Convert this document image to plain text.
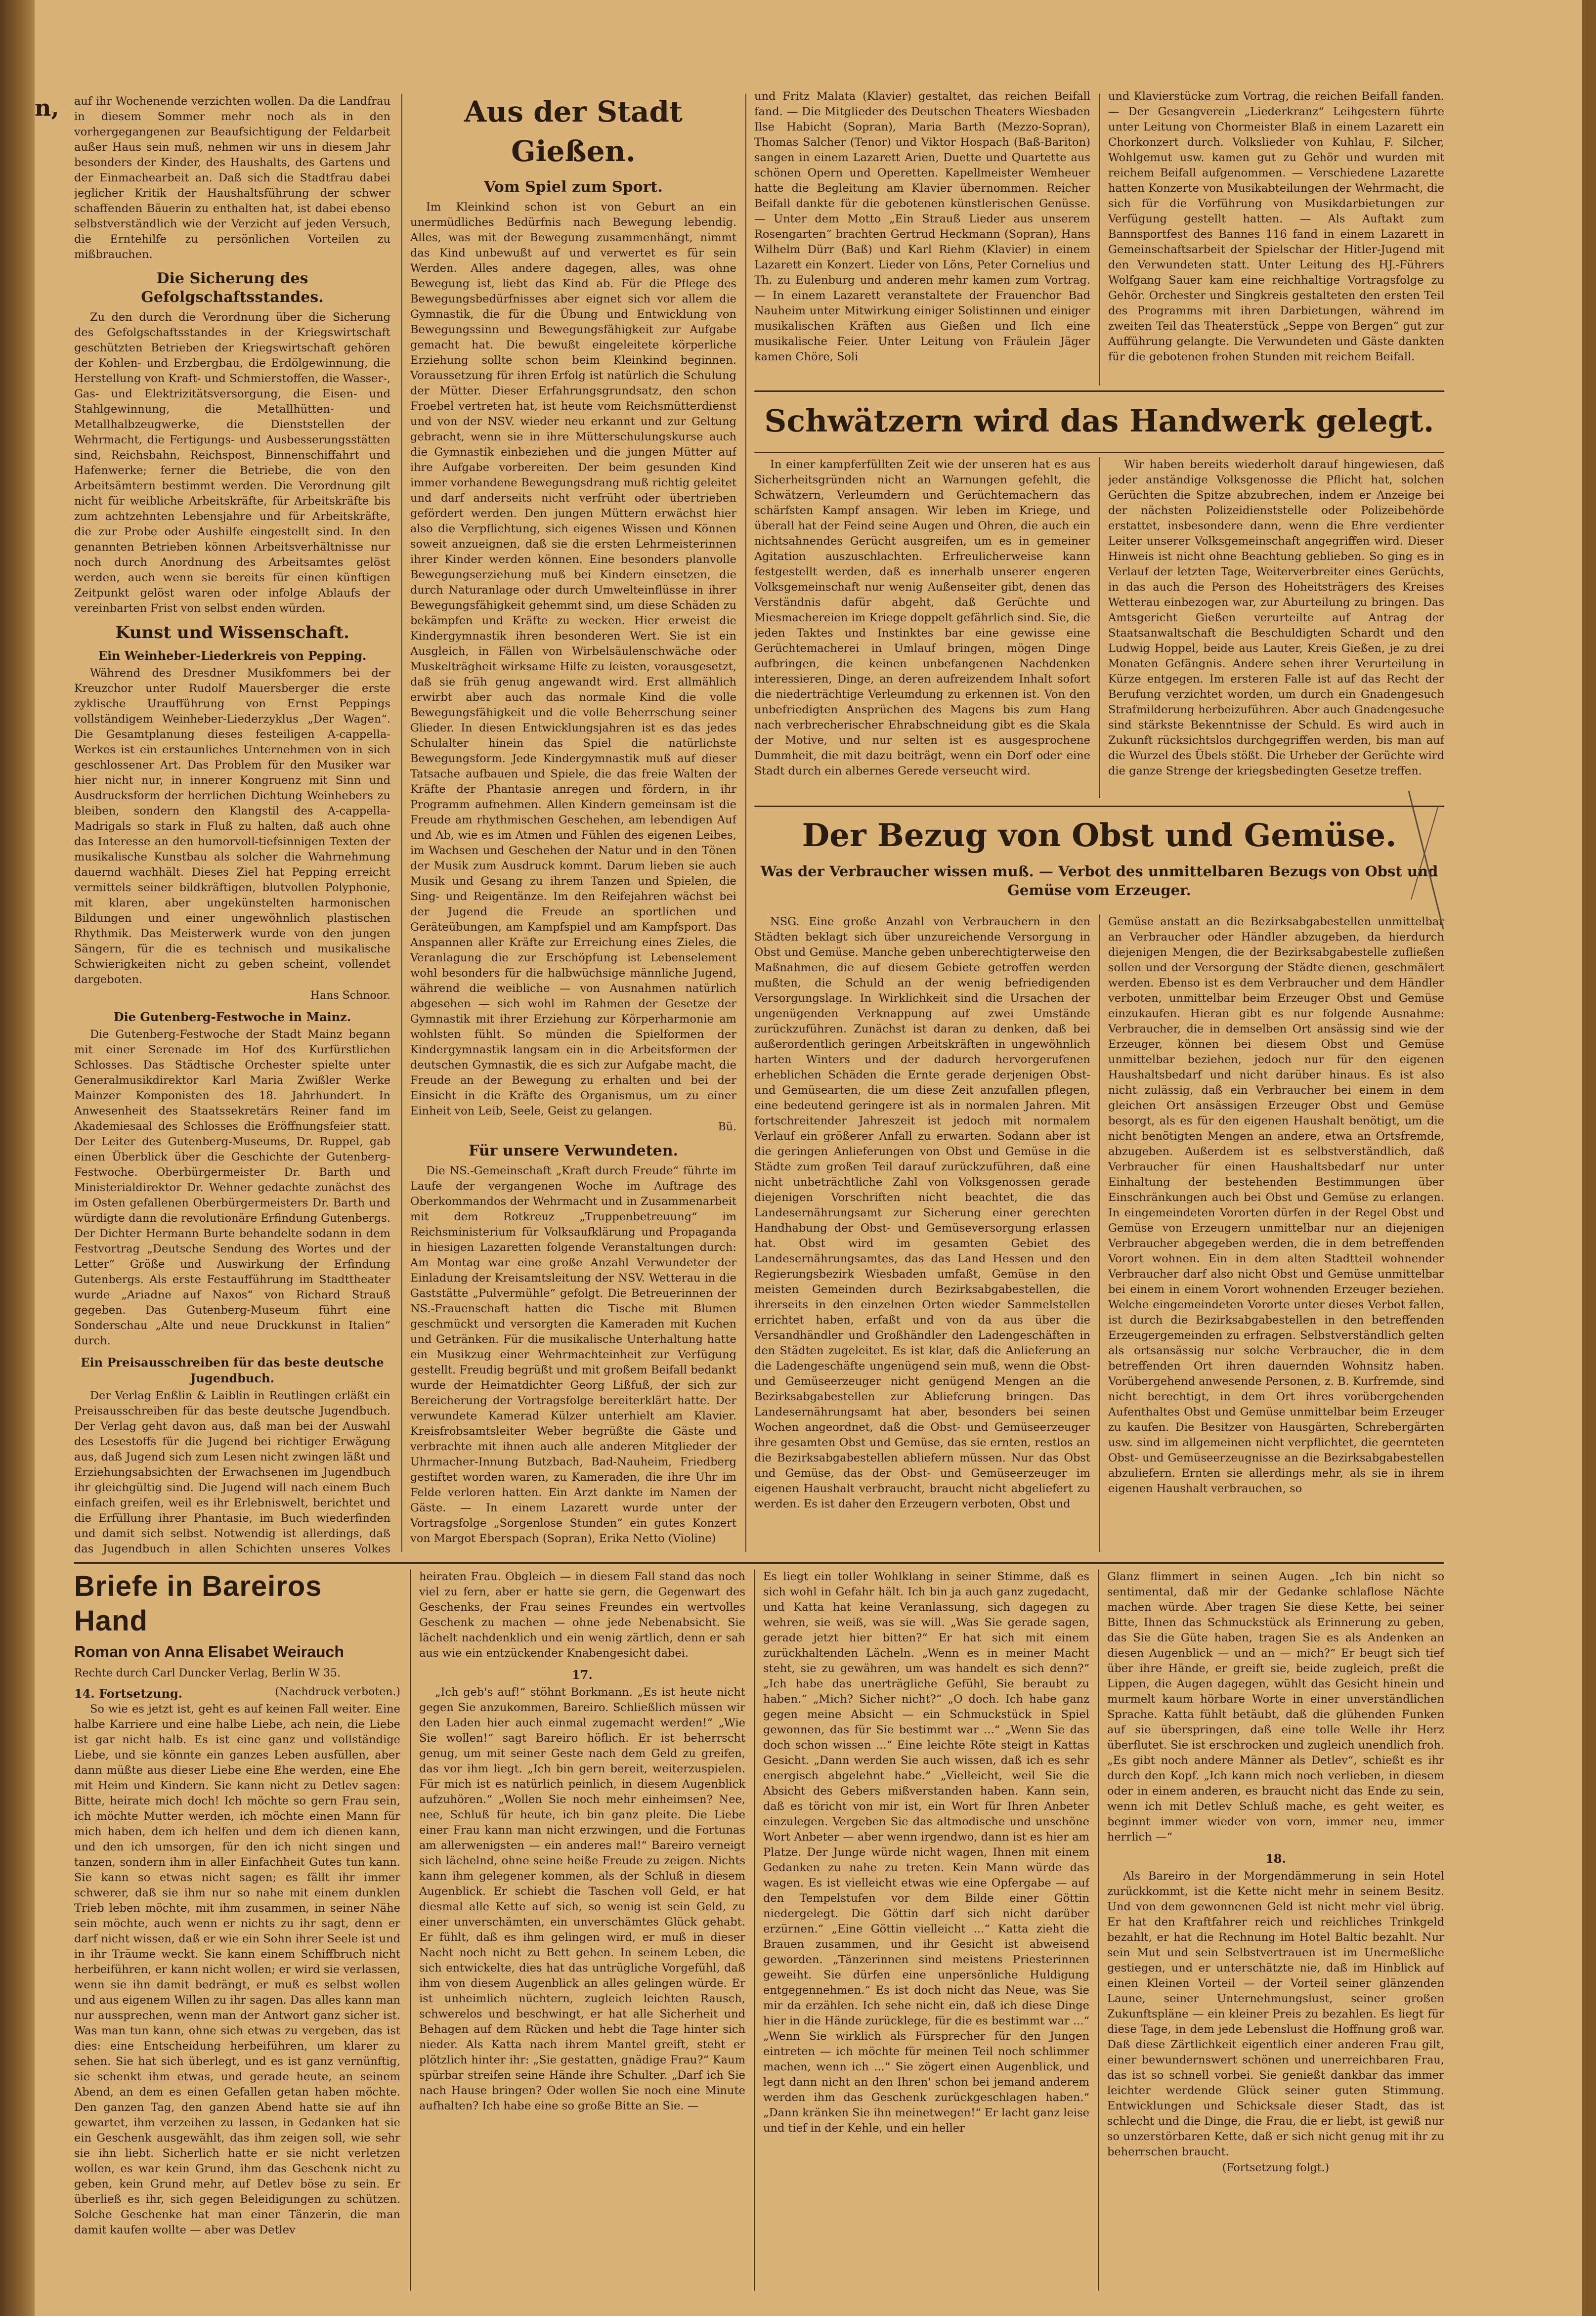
n,	auf ihr Wochenende verzichten wollen. Da die Landfrau in diesem Sommer mehr noch als in den vorhergegangenen zur Beaufsichtigung der Feldarbeit außer Haus sein muß, nehmen wir uns in diesem Jahr besonders der Kinder, des Haushalts, des Gartens und der Einmachearbeit an. Daß sich die Stadtfrau dabei jeglicher Kritik der Haushaltsführung der schwer schaffenden Bäuerin zu enthalten hat, ist dabei ebenso selbstverständlich wie der Verzicht auf jeden Versuch, die Erntehilfe zu persönlichen Vorteilen zu mißbrauchen.

Die Sicherung des Gefolgschaftsstandes.

Zu den durch die Verordnung über die Sicherung des Gefolgschaftsstandes in der Kriegswirtschaft geschützten Betrieben der Kriegswirtschaft gehören der Kohlen- und Erzbergbau, die Erdölgewinnung, die Herstellung von Kraft- und Schmierstoffen, die Wasser-, Gas- und Elektrizitätsversorgung, die Eisen- und Stahlgewinnung, die Metallhütten- und Metallhalbzeugwerke, die Dienststellen der Wehrmacht, die Fertigungs- und Ausbesserungsstätten sind, Reichsbahn, Reichspost, Binnenschiffahrt und Hafenwerke; ferner die Betriebe, die von den Arbeitsämtern bestimmt werden. Die Verordnung gilt nicht für weibliche Arbeitskräfte, für Arbeitskräfte bis zum achtzehnten Lebensjahre und für Arbeitskräfte, die zur Probe oder Aushilfe eingestellt sind. In den genannten Betrieben können Arbeitsverhältnisse nur noch durch Anordnung des Arbeitsamtes gelöst werden, auch wenn sie bereits für einen künftigen Zeitpunkt gelöst waren oder infolge Ablaufs der vereinbarten Frist von selbst enden würden.

Kunst und Wissenschaft.
Ein Weinheber-Liederkreis von Pepping.

Während des Dresdner Musikfommers bei der Kreuzchor unter Rudolf Mauersberger die erste zyklische Uraufführung von Ernst Peppings vollständigem Weinheber-Liederzyklus „Der Wagen“. Die Gesamtplanung dieses festeiligen A-cappella-Werkes ist ein erstaunliches Unternehmen von in sich geschlossener Art. Das Problem für den Musiker war hier nicht nur, in innerer Kongruenz mit Sinn und Ausdrucksform der herrlichen Dichtung Weinhebers zu bleiben, sondern den Klangstil des A-cappella-Madrigals so stark in Fluß zu halten, daß auch ohne das Interesse an den humorvoll-tiefsinnigen Texten der musikalische Kunstbau als solcher die Wahrnehmung dauernd wachhält. Dieses Ziel hat Pepping erreicht vermittels seiner bildkräftigen, blutvollen Polyphonie, mit klaren, aber ungekünstelten harmonischen Bildungen und einer ungewöhnlich plastischen Rhythmik. Das Meisterwerk wurde von den jungen Sängern, für die es technisch und musikalische Schwierigkeiten nicht zu geben scheint, vollendet dargeboten.

Hans Schnoor.
Die Gutenberg-Festwoche in Mainz.

Die Gutenberg-Festwoche der Stadt Mainz begann mit einer Serenade im Hof des Kurfürstlichen Schlosses. Das Städtische Orchester spielte unter Generalmusikdirektor Karl Maria Zwißler Werke Mainzer Komponisten des 18. Jahrhundert. In Anwesenheit des Staatssekretärs Reiner fand im Akademiesaal des Schlosses die Eröffnungsfeier statt. Der Leiter des Gutenberg-Museums, Dr. Ruppel, gab einen Überblick über die Geschichte der Gutenberg-Festwoche. Oberbürgermeister Dr. Barth und Ministerialdirektor Dr. Wehner gedachte zunächst des im Osten gefallenen Oberbürgermeisters Dr. Barth und würdigte dann die revolutionäre Erfindung Gutenbergs. Der Dichter Hermann Burte behandelte sodann in dem Festvortrag „Deutsche Sendung des Wortes und der Letter“ Größe und Auswirkung der Erfindung Gutenbergs. Als erste Festaufführung im Stadttheater wurde „Ariadne auf Naxos“ von Richard Strauß gegeben. Das Gutenberg-Museum führt eine Sonderschau „Alte und neue Druckkunst in Italien“ durch.

Ein Preisausschreiben für das beste deutsche Jugendbuch.

Der Verlag Enßlin & Laiblin in Reutlingen erläßt ein Preisausschreiben für das beste deutsche Jugendbuch. Der Verlag geht davon aus, daß man bei der Auswahl des Lesestoffs für die Jugend bei richtiger Erwägung aus, daß Jugend sich zum Lesen nicht zwingen läßt und Erziehungsabsichten der Erwachsenen im Jugendbuch ihr gleichgültig sind. Die Jugend will nach einem Buch einfach greifen, weil es ihr Erlebniswelt, berichtet und die Erfüllung ihrer Phantasie, im Buch wiederfinden und damit sich selbst. Notwendig ist allerdings, daß das Jugendbuch in allen Schichten unseres Volkes

Aus der Stadt Gießen.
Vom Spiel zum Sport.

Im Kleinkind schon ist von Geburt an ein unermüdliches Bedürfnis nach Bewegung lebendig. Alles, was mit der Bewegung zusammenhängt, nimmt das Kind unbewußt auf und verwertet es für sein Werden. Alles andere dagegen, alles, was ohne Bewegung ist, liebt das Kind ab. Für die Pflege des Bewegungsbedürfnisses aber eignet sich vor allem die Gymnastik, die für die Übung und Entwicklung von Bewegungssinn und Bewegungsfähigkeit zur Aufgabe gemacht hat. Die bewußt eingeleitete körperliche Erziehung sollte schon beim Kleinkind beginnen. Voraussetzung für ihren Erfolg ist natürlich die Schulung der Mütter. Dieser Erfahrungsgrundsatz, den schon Froebel vertreten hat, ist heute vom Reichsmütterdienst und von der NSV. wieder neu erkannt und zur Geltung gebracht, wenn sie in ihre Mütterschulungskurse auch die Gymnastik einbeziehen und die jungen Mütter auf ihre Aufgabe vorbereiten. Der beim gesunden Kind immer vorhandene Bewegungsdrang muß richtig geleitet und darf anderseits nicht verfrüht oder übertrieben gefördert werden. Den jungen Müttern erwächst hier also die Verpflichtung, sich eigenes Wissen und Können soweit anzueignen, daß sie die ersten Lehrmeisterinnen ihrer Kinder werden können. Eine besonders planvolle Bewegungserziehung muß bei Kindern einsetzen, die durch Naturanlage oder durch Umwelteinflüsse in ihrer Bewegungsfähigkeit gehemmt sind, um diese Schäden zu bekämpfen und Kräfte zu wecken. Hier erweist die Kindergymnastik ihren besonderen Wert. Sie ist ein Ausgleich, in Fällen von Wirbelsäulenschwäche oder Muskelträgheit wirksame Hilfe zu leisten, vorausgesetzt, daß sie früh genug angewandt wird. Erst allmählich erwirbt aber auch das normale Kind die volle Bewegungsfähigkeit und die volle Beherrschung seiner Glieder. In diesen Entwicklungsjahren ist es das jedes Schulalter hinein das Spiel die natürlichste Bewegungsform. Jede Kindergymnastik muß auf dieser Tatsache aufbauen und Spiele, die das freie Walten der Kräfte der Phantasie anregen und fördern, in ihr Programm aufnehmen. Allen Kindern gemeinsam ist die Freude am rhythmischen Geschehen, am lebendigen Auf und Ab, wie es im Atmen und Fühlen des eigenen Leibes, im Wachsen und Geschehen der Natur und in den Tönen der Musik zum Ausdruck kommt. Darum lieben sie auch Musik und Gesang zu ihrem Tanzen und Spielen, die Sing- und Reigentänze. Im den Reifejahren wächst bei der Jugend die Freude an sportlichen und Geräteübungen, am Kampfspiel und am Kampfsport. Das Anspannen aller Kräfte zur Erreichung eines Zieles, die Veranlagung die zur Erschöpfung ist Lebenselement wohl besonders für die halbwüchsige männliche Jugend, während die weibliche — von Ausnahmen natürlich abgesehen — sich wohl im Rahmen der Gesetze der Gymnastik mit ihrer Erziehung zur Körperharmonie am wohlsten fühlt. So münden die Spielformen der Kindergymnastik langsam ein in die Arbeitsformen der deutschen Gymnastik, die es sich zur Aufgabe macht, die Freude an der Bewegung zu erhalten und bei der Einsicht in die Kräfte des Organismus, um zu einer Einheit von Leib, Seele, Geist zu gelangen.

Bü.
Für unsere Verwundeten.

Die NS.-Gemeinschaft „Kraft durch Freude“ führte im Laufe der vergangenen Woche im Auftrage des Oberkommandos der Wehrmacht und in Zusammenarbeit mit dem Rotkreuz „Truppenbetreuung“ im Reichsministerium für Volksaufklärung und Propaganda in hiesigen Lazaretten folgende Veranstaltungen durch: Am Montag war eine große Anzahl Verwundeter der Einladung der Kreisamtsleitung der NSV. Wetterau in die Gaststätte „Pulvermühle“ gefolgt. Die Betreuerinnen der NS.-Frauenschaft hatten die Tische mit Blumen geschmückt und versorgten die Kameraden mit Kuchen und Getränken. Für die musikalische Unterhaltung hatte ein Musikzug einer Wehrmachteinheit zur Verfügung gestellt. Freudig begrüßt und mit großem Beifall bedankt wurde der Heimatdichter Georg Lißfuß, der sich zur Bereicherung der Vortragsfolge bereiterklärt hatte. Der verwundete Kamerad Külzer unterhielt am Klavier. Kreisfrobsamtsleiter Weber begrüßte die Gäste und verbrachte mit ihnen auch alle anderen Mitglieder der Uhrmacher-Innung Butzbach, Bad-Nauheim, Friedberg gestiftet worden waren, zu Kameraden, die ihre Uhr im Felde verloren hatten. Ein Arzt dankte im Namen der Gäste. — In einem Lazarett wurde unter der Vortragsfolge „Sorgenlose Stunden“ ein gutes Konzert von Margot Eberspach (Sopran), Erika Netto (Violine)

und Fritz Malata (Klavier) gestaltet, das reichen Beifall fand. — Die Mitglieder des Deutschen Theaters Wiesbaden Ilse Habicht (Sopran), Maria Barth (Mezzo-Sopran), Thomas Salcher (Tenor) und Viktor Hospach (Baß-Bariton) sangen in einem Lazarett Arien, Duette und Quartette aus schönen Opern und Operetten. Kapellmeister Wemheuer hatte die Begleitung am Klavier übernommen. Reicher Beifall dankte für die gebotenen künstlerischen Genüsse. — Unter dem Motto „Ein Strauß Lieder aus unserem Rosengarten“ brachten Gertrud Heckmann (Sopran), Hans Wilhelm Dürr (Baß) und Karl Riehm (Klavier) in einem Lazarett ein Konzert. Lieder von Löns, Peter Cornelius und Th. zu Eulenburg und anderen mehr kamen zum Vortrag. — In einem Lazarett veranstaltete der Frauenchor Bad Nauheim unter Mitwirkung einiger Solistinnen und einiger musikalischen Kräften aus Gießen und Ilch eine musikalische Feier. Unter Leitung von Fräulein Jäger kamen Chöre, Soli

und Klavierstücke zum Vortrag, die reichen Beifall fanden. — Der Gesangverein „Liederkranz“ Leihgestern führte unter Leitung von Chormeister Blaß in einem Lazarett ein Chorkonzert durch. Volkslieder von Kuhlau, F. Silcher, Wohlgemut usw. kamen gut zu Gehör und wurden mit reichem Beifall aufgenommen. — Verschiedene Lazarette hatten Konzerte von Musikabteilungen der Wehrmacht, die sich für die Vorführung von Musikdarbietungen zur Verfügung gestellt hatten. — Als Auftakt zum Bannsportfest des Bannes 116 fand in einem Lazarett in Gemeinschaftsarbeit der Spielschar der Hitler-Jugend mit den Verwundeten statt. Unter Leitung des HJ.-Führers Wolfgang Sauer kam eine reichhaltige Vortragsfolge zu Gehör. Orchester und Singkreis gestalteten den ersten Teil des Programms mit ihren Darbietungen, während im zweiten Teil das Theaterstück „Seppe von Bergen“ gut zur Aufführung gelangte. Die Verwundeten und Gäste dankten für die gebotenen frohen Stunden mit reichem Beifall.

Schwätzern wird das Handwerk gelegt.

In einer kampferfüllten Zeit wie der unseren hat es aus Sicherheitsgründen nicht an Warnungen gefehlt, die Schwätzern, Verleumdern und Gerüchtemachern das schärfsten Kampf ansagen. Wir leben im Kriege, und überall hat der Feind seine Augen und Ohren, die auch ein nichtsahnendes Gerücht ausgreifen, um es in gemeiner Agitation auszuschlachten. Erfreulicherweise kann festgestellt werden, daß es innerhalb unserer engeren Volksgemeinschaft nur wenig Außenseiter gibt, denen das Verständnis dafür abgeht, daß Gerüchte und Miesmachereien im Kriege doppelt gefährlich sind. Sie, die jeden Taktes und Instinktes bar eine gewisse eine Gerüchtemacherei in Umlauf bringen, mögen Dinge aufbringen, die keinen unbefangenen Nachdenken interessieren, Dinge, an deren aufreizendem Inhalt sofort die niederträchtige Verleumdung zu erkennen ist. Von den unbefriedigten Ansprüchen des Magens bis zum Hang nach verbrecherischer Ehrabschneidung gibt es die Skala der Motive, und nur selten ist es ausgesprochene Dummheit, die mit dazu beiträgt, wenn ein Dorf oder eine Stadt durch ein albernes Gerede verseucht wird.

Wir haben bereits wiederholt darauf hingewiesen, daß jeder anständige Volksgenosse die Pflicht hat, solchen Gerüchten die Spitze abzubrechen, indem er Anzeige bei der nächsten Polizeidienststelle oder Polizeibehörde erstattet, insbesondere dann, wenn die Ehre verdienter Leiter unserer Volksgemeinschaft angegriffen wird. Dieser Hinweis ist nicht ohne Beachtung geblieben. So ging es in Verlauf der letzten Tage, Weiterverbreiter eines Gerüchts, in das auch die Person des Hoheitsträgers des Kreises Wetterau einbezogen war, zur Aburteilung zu bringen. Das Amtsgericht Gießen verurteilte auf Antrag der Staatsanwaltschaft die Beschuldigten Schardt und den Ludwig Hoppel, beide aus Lauter, Kreis Gießen, je zu drei Monaten Gefängnis. Andere sehen ihrer Verurteilung in Kürze entgegen. Im ersteren Falle ist auf das Recht der Berufung verzichtet worden, um durch ein Gnadengesuch Strafmilderung herbeizuführen. Aber auch Gnadengesuche sind stärkste Bekenntnisse der Schuld. Es wird auch in Zukunft rücksichtslos durchgegriffen werden, bis man auf die Wurzel des Übels stößt. Die Urheber der Gerüchte wird die ganze Strenge der kriegsbedingten Gesetze treffen.

Der Bezug von Obst und Gemüse.
Was der Verbraucher wissen muß. — Verbot des unmittelbaren Bezugs von Obst und Gemüse vom Erzeuger.

NSG. Eine große Anzahl von Verbrauchern in den Städten beklagt sich über unzureichende Versorgung in Obst und Gemüse. Manche geben unberechtigterweise den Maßnahmen, die auf diesem Gebiete getroffen werden mußten, die Schuld an der wenig befriedigenden Versorgungslage. In Wirklichkeit sind die Ursachen der ungenügenden Verknappung auf zwei Umstände zurückzuführen. Zunächst ist daran zu denken, daß bei außerordentlich geringen Arbeitskräften in ungewöhnlich harten Winters und der dadurch hervorgerufenen erheblichen Schäden die Ernte gerade derjenigen Obst- und Gemüsearten, die um diese Zeit anzufallen pflegen, eine bedeutend geringere ist als in normalen Jahren. Mit fortschreitender Jahreszeit ist jedoch mit normalem Verlauf ein größerer Anfall zu erwarten. Sodann aber ist die geringen Anlieferungen von Obst und Gemüse in die Städte zum großen Teil darauf zurückzuführen, daß eine nicht unbeträchtliche Zahl von Volksgenossen gerade diejenigen Vorschriften nicht beachtet, die das Landesernährungsamt zur Sicherung einer gerechten Handhabung der Obst- und Gemüseversorgung erlassen hat. Obst wird im gesamten Gebiet des Landesernährungsamtes, das das Land Hessen und den Regierungsbezirk Wiesbaden umfaßt, Gemüse in den meisten Gemeinden durch Bezirksabgabestellen, die ihrerseits in den einzelnen Orten wieder Sammelstellen errichtet haben, erfaßt und von da aus über die Versandhändler und Großhändler den Ladengeschäften in den Städten zugeleitet. Es ist klar, daß die Anlieferung an die Ladengeschäfte ungenügend sein muß, wenn die Obst- und Gemüseerzeuger nicht genügend Mengen an die Bezirksabgabestellen zur Ablieferung bringen. Das Landesernährungsamt hat aber, besonders bei seinen Wochen angeordnet, daß die Obst- und Gemüseerzeuger ihre gesamten Obst und Gemüse, das sie ernten, restlos an die Bezirksabgabestellen abliefern müssen. Nur das Obst und Gemüse, das der Obst- und Gemüseerzeuger im eigenen Haushalt verbraucht, braucht nicht abgeliefert zu werden. Es ist daher den Erzeugern verboten, Obst und

Gemüse anstatt an die Bezirksabgabestellen unmittelbar an Verbraucher oder Händler abzugeben, da hierdurch diejenigen Mengen, die der Bezirksabgabestelle zufließen sollen und der Versorgung der Städte dienen, geschmälert werden. Ebenso ist es dem Verbraucher und dem Händler verboten, unmittelbar beim Erzeuger Obst und Gemüse einzukaufen. Hieran gibt es nur folgende Ausnahme: Verbraucher, die in demselben Ort ansässig sind wie der Erzeuger, können bei diesem Obst und Gemüse unmittelbar beziehen, jedoch nur für den eigenen Haushaltsbedarf und nicht darüber hinaus. Es ist also nicht zulässig, daß ein Verbraucher bei einem in dem gleichen Ort ansässigen Erzeuger Obst und Gemüse besorgt, als es für den eigenen Haushalt benötigt, um die nicht benötigten Mengen an andere, etwa an Ortsfremde, abzugeben. Außerdem ist es selbstverständlich, daß Verbraucher für einen Haushaltsbedarf nur unter Einhaltung der bestehenden Bestimmungen über Einschränkungen auch bei Obst und Gemüse zu erlangen. In eingemeindeten Vororten dürfen in der Regel Obst und Gemüse von Erzeugern unmittelbar nur an diejenigen Verbraucher abgegeben werden, die in dem betreffenden Vorort wohnen. Ein in dem alten Stadtteil wohnender Verbraucher darf also nicht Obst und Gemüse unmittelbar bei einem in einem Vorort wohnenden Erzeuger beziehen. Welche eingemeindeten Vororte unter dieses Verbot fallen, ist durch die Bezirksabgabestellen in den betreffenden Erzeugergemeinden zu erfragen. Selbstverständlich gelten als ortsansässig nur solche Verbraucher, die in dem betreffenden Ort ihren dauernden Wohnsitz haben. Vorübergehend anwesende Personen, z. B. Kurfremde, sind nicht berechtigt, in dem Ort ihres vorübergehenden Aufenthaltes Obst und Gemüse unmittelbar beim Erzeuger zu kaufen. Die Besitzer von Hausgärten, Schrebergärten usw. sind im allgemeinen nicht verpflichtet, die geernteten Obst- und Gemüseerzeugnisse an die Bezirksabgabestellen abzuliefern. Ernten sie allerdings mehr, als sie in ihrem eigenen Haushalt verbrauchen, so

Briefe in Bareiros Hand
Roman von Anna Elisabet Weirauch
Rechte durch Carl Duncker Verlag, Berlin W 35.
14. Fortsetzung.	(Nachdruck verboten.)

So wie es jetzt ist, geht es auf keinen Fall weiter. Eine halbe Karriere und eine halbe Liebe, ach nein, die Liebe ist gar nicht halb. Es ist eine ganz und vollständige Liebe, und sie könnte ein ganzes Leben ausfüllen, aber dann müßte aus dieser Liebe eine Ehe werden, eine Ehe mit Heim und Kindern. Sie kann nicht zu Detlev sagen: Bitte, heirate mich doch! Ich möchte so gern Frau sein, ich möchte Mutter werden, ich möchte einen Mann für mich haben, dem ich helfen und dem ich dienen kann, und den ich umsorgen, für den ich nicht singen und tanzen, sondern ihm in aller Einfachheit Gutes tun kann. Sie kann so etwas nicht sagen; es fällt ihr immer schwerer, daß sie ihm nur so nahe mit einem dunklen Trieb leben möchte, mit ihm zusammen, in seiner Nähe sein möchte, auch wenn er nichts zu ihr sagt, denn er darf nicht wissen, daß er wie ein Sohn ihrer Seele ist und in ihr Träume weckt. Sie kann einem Schiffbruch nicht herbeiführen, er kann nicht wollen; er wird sie verlassen, wenn sie ihn damit bedrängt, er muß es selbst wollen und aus eigenem Willen zu ihr sagen. Das alles kann man nur aussprechen, wenn man der Antwort ganz sicher ist. Was man tun kann, ohne sich etwas zu vergeben, das ist dies: eine Entscheidung herbeiführen, um klarer zu sehen. Sie hat sich überlegt, und es ist ganz vernünftig, sie schenkt ihm etwas, und gerade heute, an seinem Abend, an dem es einen Gefallen getan haben möchte. Den ganzen Tag, den ganzen Abend hatte sie auf ihn gewartet, ihm verzeihen zu lassen, in Gedanken hat sie ein Geschenk ausgewählt, das ihm zeigen soll, wie sehr sie ihn liebt. Sicherlich hatte er sie nicht verletzen wollen, es war kein Grund, ihm das Geschenk nicht zu geben, kein Grund mehr, auf Detlev böse zu sein. Er überließ es ihr, sich gegen Beleidigungen zu schützen. Solche Geschenke hat man einer Tänzerin, die man damit kaufen wollte — aber was Detlev

heiraten Frau. Obgleich — in diesem Fall stand das noch viel zu fern, aber er hatte sie gern, die Gegenwart des Geschenks, der Frau seines Freundes ein wertvolles Geschenk zu machen — ohne jede Nebenabsicht. Sie lächelt nachdenklich und ein wenig zärtlich, denn er sah aus wie ein entzückender Knabengesicht dabei.

17.

„Ich geb's auf!“ stöhnt Borkmann. „Es ist heute nicht gegen Sie anzukommen, Bareiro. Schließlich müssen wir den Laden hier auch einmal zugemacht werden!“ „Wie Sie wollen!“ sagt Bareiro höflich. Er ist beherrscht genug, um mit seiner Geste nach dem Geld zu greifen, das vor ihm liegt. „Ich bin gern bereit, weiterzuspielen. Für mich ist es natürlich peinlich, in diesem Augenblick aufzuhören.“ „Wollen Sie noch mehr einheimsen? Nee, nee, Schluß für heute, ich bin ganz pleite. Die Liebe einer Frau kann man nicht erzwingen, und die Fortunas am allerwenigsten — ein anderes mal!“ Bareiro verneigt sich lächelnd, ohne seine heiße Freude zu zeigen. Nichts kann ihm gelegener kommen, als der Schluß in diesem Augenblick. Er schiebt die Taschen voll Geld, er hat diesmal alle Kette auf sich, so wenig ist sein Geld, zu einer unverschämten, ein unverschämtes Glück gehabt. Er fühlt, daß es ihm gelingen wird, er muß in dieser Nacht noch nicht zu Bett gehen. In seinem Leben, die sich entwickelte, dies hat das untrügliche Vorgefühl, daß ihm von diesem Augenblick an alles gelingen würde. Er ist unheimlich nüchtern, zugleich leichten Rausch, schwerelos und beschwingt, er hat alle Sicherheit und Behagen auf dem Rücken und hebt die Tage hinter sich nieder. Als Katta nach ihrem Mantel greift, steht er plötzlich hinter ihr: „Sie gestatten, gnädige Frau?“ Kaum spürbar streifen seine Hände ihre Schulter. „Darf ich Sie nach Hause bringen? Oder wollen Sie noch eine Minute aufhalten? Ich habe eine so große Bitte an Sie. —

Es liegt ein toller Wohlklang in seiner Stimme, daß es sich wohl in Gefahr hält. Ich bin ja auch ganz zugedacht, und Katta hat keine Veranlassung, sich dagegen zu wehren, sie weiß, was sie will. „Was Sie gerade sagen, gerade jetzt hier bitten?“ Er hat sich mit einem zurückhaltenden Lächeln. „Wenn es in meiner Macht steht, sie zu gewähren, um was handelt es sich denn?“ „Ich habe das unerträgliche Gefühl, Sie beraubt zu haben.“ „Mich? Sicher nicht?“ „O doch. Ich habe ganz gegen meine Absicht — ein Schmuckstück in Spiel gewonnen, das für Sie bestimmt war ...“ „Wenn Sie das doch schon wissen ...“ Eine leichte Röte steigt in Kattas Gesicht. „Dann werden Sie auch wissen, daß ich es sehr energisch abgelehnt habe.“ „Vielleicht, weil Sie die Absicht des Gebers mißverstanden haben. Kann sein, daß es töricht von mir ist, ein Wort für Ihren Anbeter einzulegen. Vergeben Sie das altmodische und unschöne Wort Anbeter — aber wenn irgendwo, dann ist es hier am Platze. Der Junge würde nicht wagen, Ihnen mit einem Gedanken zu nahe zu treten. Kein Mann würde das wagen. Es ist vielleicht etwas wie eine Opfergabe — auf den Tempelstufen vor dem Bilde einer Göttin niedergelegt. Die Göttin darf sich nicht darüber erzürnen.“ „Eine Göttin vielleicht ...“ Katta zieht die Brauen zusammen, und ihr Gesicht ist abweisend geworden. „Tänzerinnen sind meistens Priesterinnen geweiht. Sie dürfen eine unpersönliche Huldigung entgegennehmen.“ Es ist doch nicht das Neue, was Sie mir da erzählen. Ich sehe nicht ein, daß ich diese Dinge hier in die Hände zurücklege, für die es bestimmt war ...“ „Wenn Sie wirklich als Fürsprecher für den Jungen eintreten — ich möchte für meinen Teil noch schlimmer machen, wenn ich ...“ Sie zögert einen Augenblick, und legt dann nicht an den Ihren' schon bei jemand anderem werden ihm das Geschenk zurückgeschlagen haben.“ „Dann kränken Sie ihn meinetwegen!“ Er lacht ganz leise und tief in der Kehle, und ein heller

Glanz flimmert in seinen Augen. „Ich bin nicht so sentimental, daß mir der Gedanke schlaflose Nächte machen würde. Aber tragen Sie diese Kette, bei seiner Bitte, Ihnen das Schmuckstück als Erinnerung zu geben, das Sie die Güte haben, tragen Sie es als Andenken an diesen Augenblick — und an — mich?“ Er beugt sich tief über ihre Hände, er greift sie, beide zugleich, preßt die Lippen, die Augen dagegen, wühlt das Gesicht hinein und murmelt kaum hörbare Worte in einer unverständlichen Sprache. Katta fühlt betäubt, daß die glühenden Funken auf sie überspringen, daß eine tolle Welle ihr Herz überflutet. Sie ist erschrocken und zugleich unendlich froh. „Es gibt noch andere Männer als Detlev“, schießt es ihr durch den Kopf. „Ich kann mich noch verlieben, in diesem oder in einem anderen, es braucht nicht das Ende zu sein, wenn ich mit Detlev Schluß mache, es geht weiter, es beginnt immer wieder von vorn, immer neu, immer herrlich —“

18.

Als Bareiro in der Morgendämmerung in sein Hotel zurückkommt, ist die Kette nicht mehr in seinem Besitz. Und von dem gewonnenen Geld ist nicht mehr viel übrig. Er hat den Kraftfahrer reich und reichliches Trinkgeld bezahlt, er hat die Rechnung im Hotel Baltic bezahlt. Nur sein Mut und sein Selbstvertrauen ist im Unermeßliche gestiegen, und er unterschätzte nie, daß im Hinblick auf einen Kleinen Vorteil — der Vorteil seiner glänzenden Laune, seiner Unternehmungslust, seiner großen Zukunftspläne — ein kleiner Preis zu bezahlen. Es liegt für diese Tage, in dem jede Lebenslust die Hoffnung groß war. Daß diese Zärtlichkeit eigentlich einer anderen Frau gilt, einer bewundernswert schönen und unerreichbaren Frau, das ist so schnell vorbei. Sie genießt dankbar das immer leichter werdende Glück seiner guten Stimmung. Entwicklungen und Schicksale dieser Stadt, das ist schlecht und die Dinge, die Frau, die er liebt, ist gewiß nur so unzerstörbaren Kette, daß er sich nicht genug mit ihr zu beherrschen braucht.

(Fortsetzung folgt.)
